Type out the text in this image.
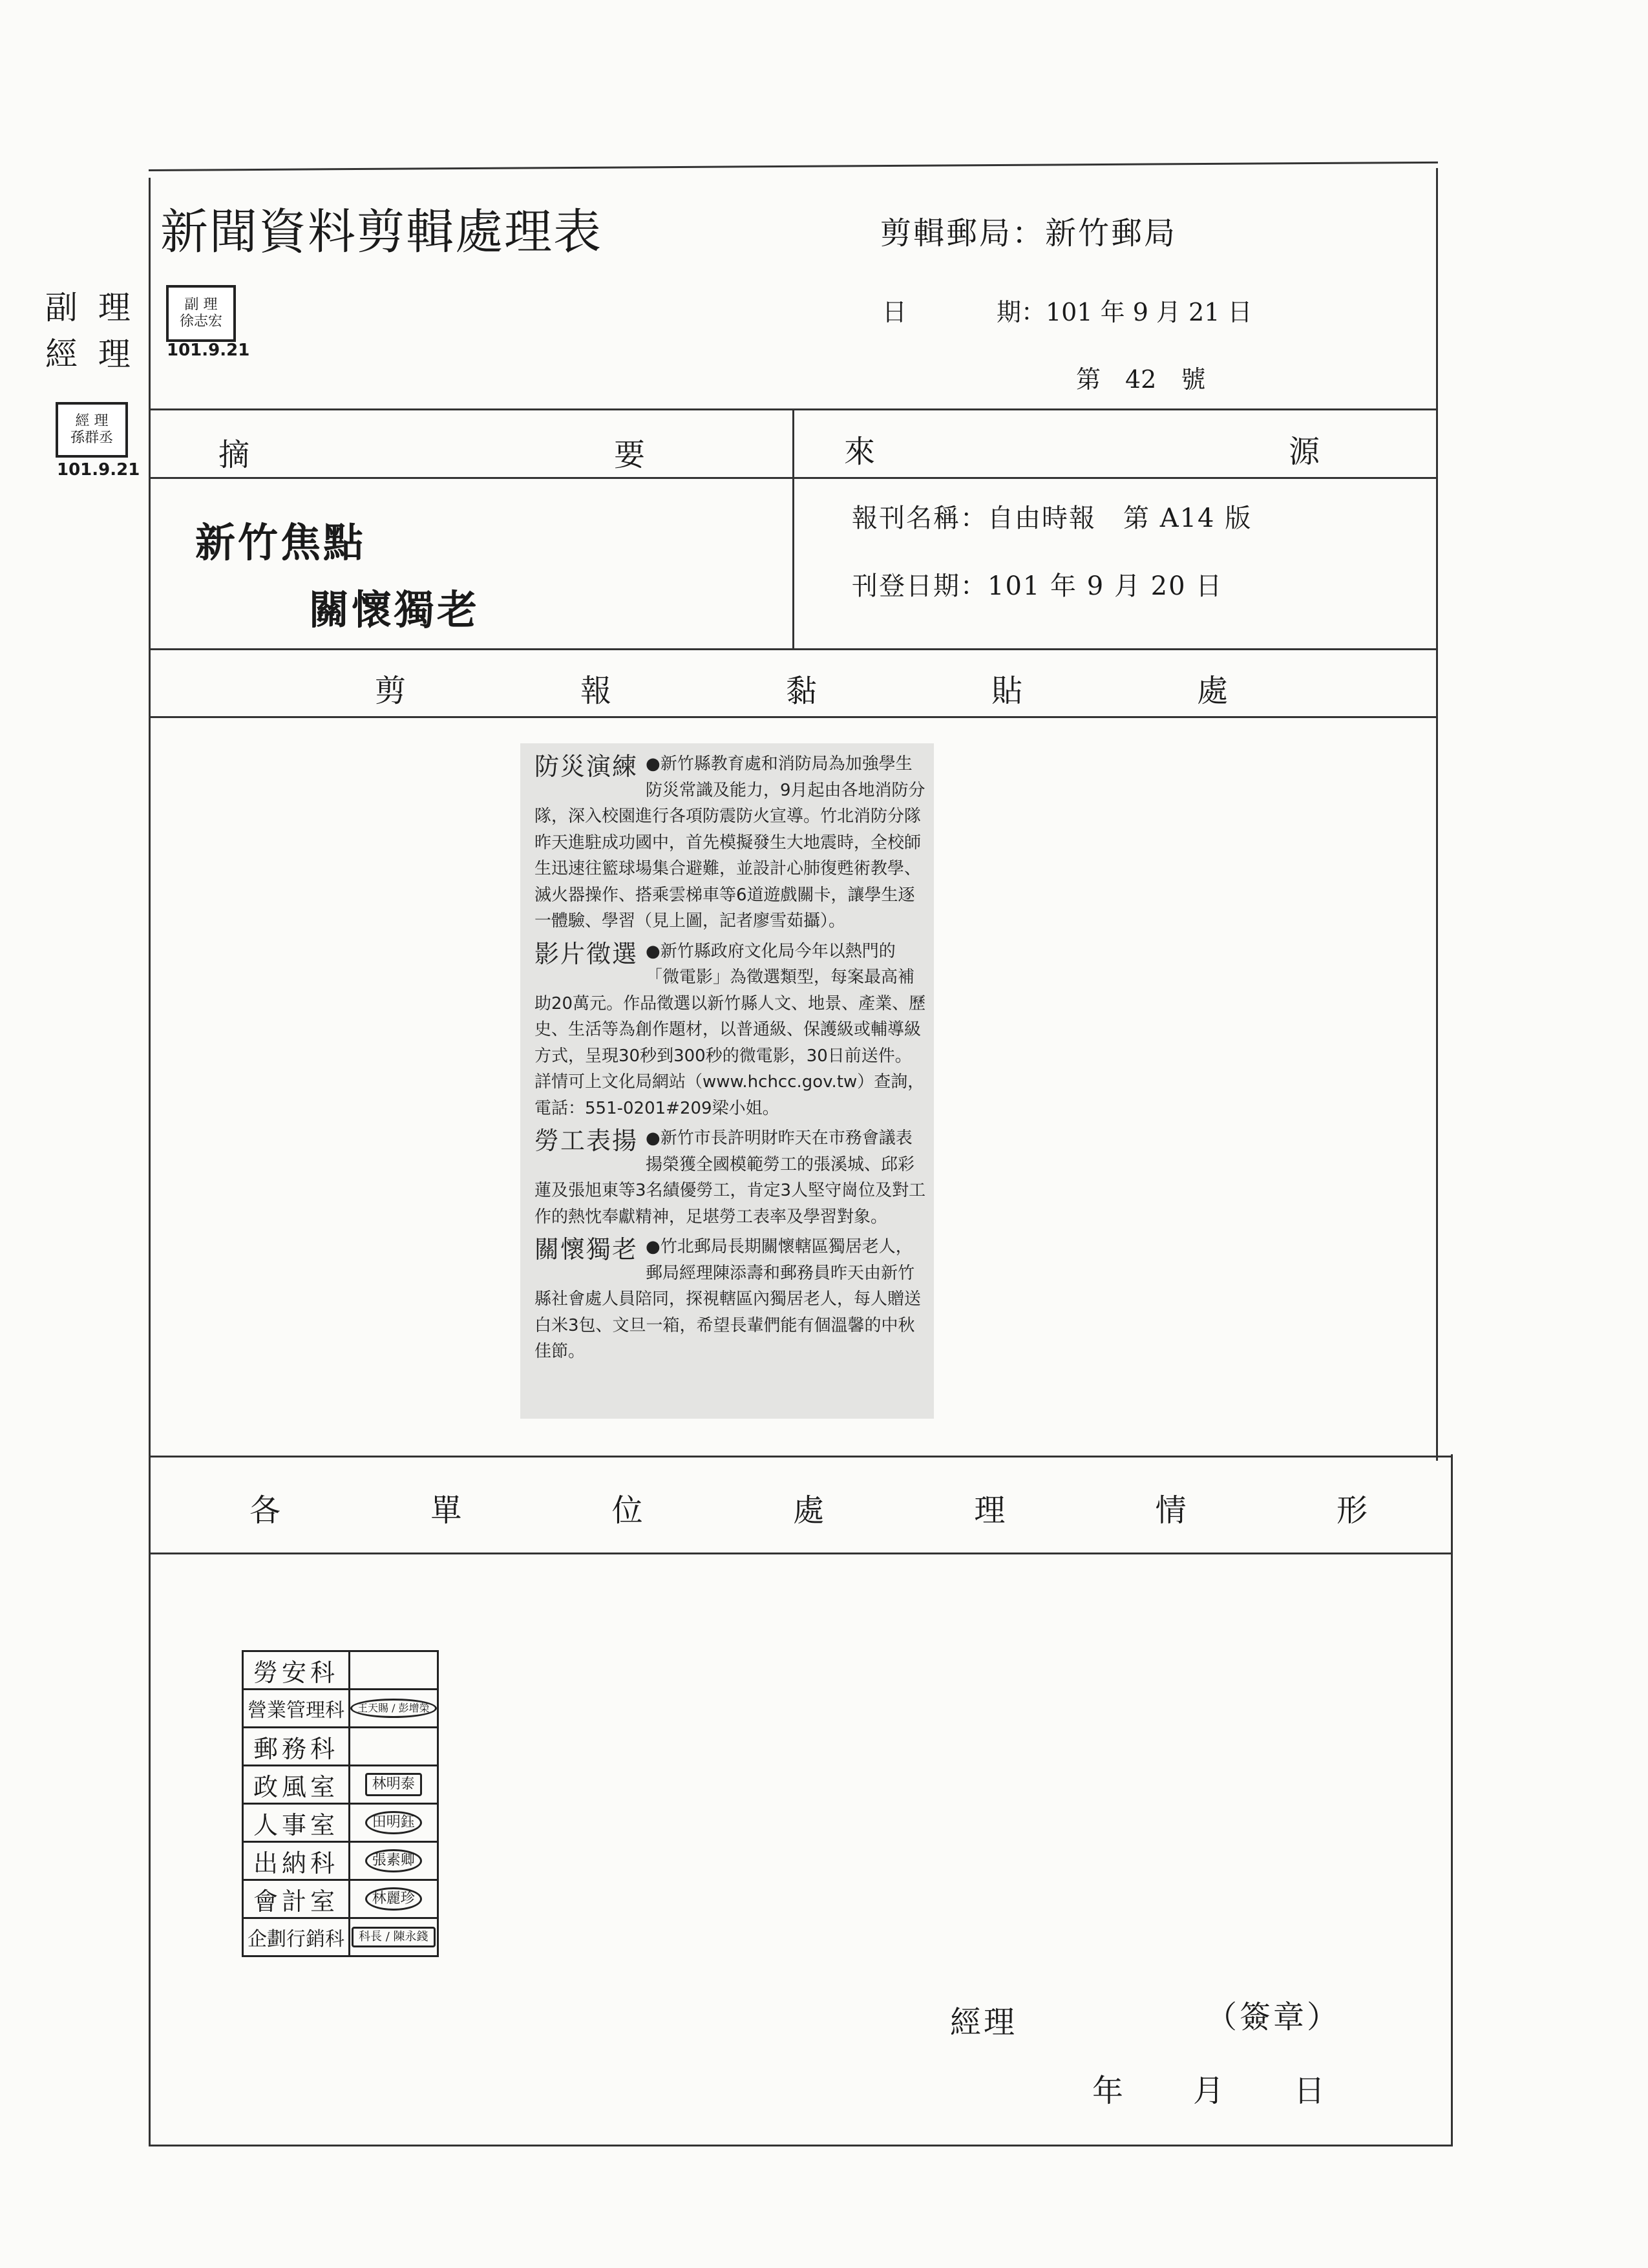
副 理
經 理
經 理
孫群丞
101.9.21
新聞資料剪輯處理表
副 理
徐志宏
101.9.21
剪輯郵局：新竹郵局
日	期：101 年 9 月 21 日
第　42　號
摘	要	來	源
新竹焦點
關懷獨老
報刊名稱：自由時報　第 A14 版
刊登日期：101 年 9 月 20 日
剪	報	黏	貼	處

防災演練 ●新竹縣教育處和消防局為加強學生防災常識及能力，9月起由各地消防分隊，深入校園進行各項防震防火宣導。竹北消防分隊昨天進駐成功國中，首先模擬發生大地震時，全校師生迅速往籃球場集合避難，並設計心肺復甦術教學、滅火器操作、搭乘雲梯車等6道遊戲關卡，讓學生逐一體驗、學習（見上圖，記者廖雪茹攝）。

影片徵選 ●新竹縣政府文化局今年以熱門的「微電影」為徵選類型，每案最高補助20萬元。作品徵選以新竹縣人文、地景、產業、歷史、生活等為創作題材，以普通級、保護級或輔導級方式，呈現30秒到300秒的微電影，30日前送件。詳情可上文化局網站（www.hchcc.gov.tw）查詢，電話：551-0201#209梁小姐。

勞工表揚 ●新竹市長許明財昨天在市務會議表揚榮獲全國模範勞工的張溪城、邱彩蓮及張旭東等3名績優勞工，肯定3人堅守崗位及對工作的熱忱奉獻精神，足堪勞工表率及學習對象。

關懷獨老 ●竹北郵局長期關懷轄區獨居老人，郵局經理陳添壽和郵務員昨天由新竹縣社會處人員陪同，探視轄區內獨居老人，每人贈送白米3包、文旦一箱，希望長輩們能有個溫馨的中秋佳節。

各	單	位	處	理	情	形
勞安科	
營業管理科	王天賜 / 彭增榮
郵務科	
政風室	林明泰
人事室	田明鈺
出納科	張素卿
會計室	林麗珍
企劃行銷科	科長 / 陳永錢
經理	（簽章）
年　　月　　日
